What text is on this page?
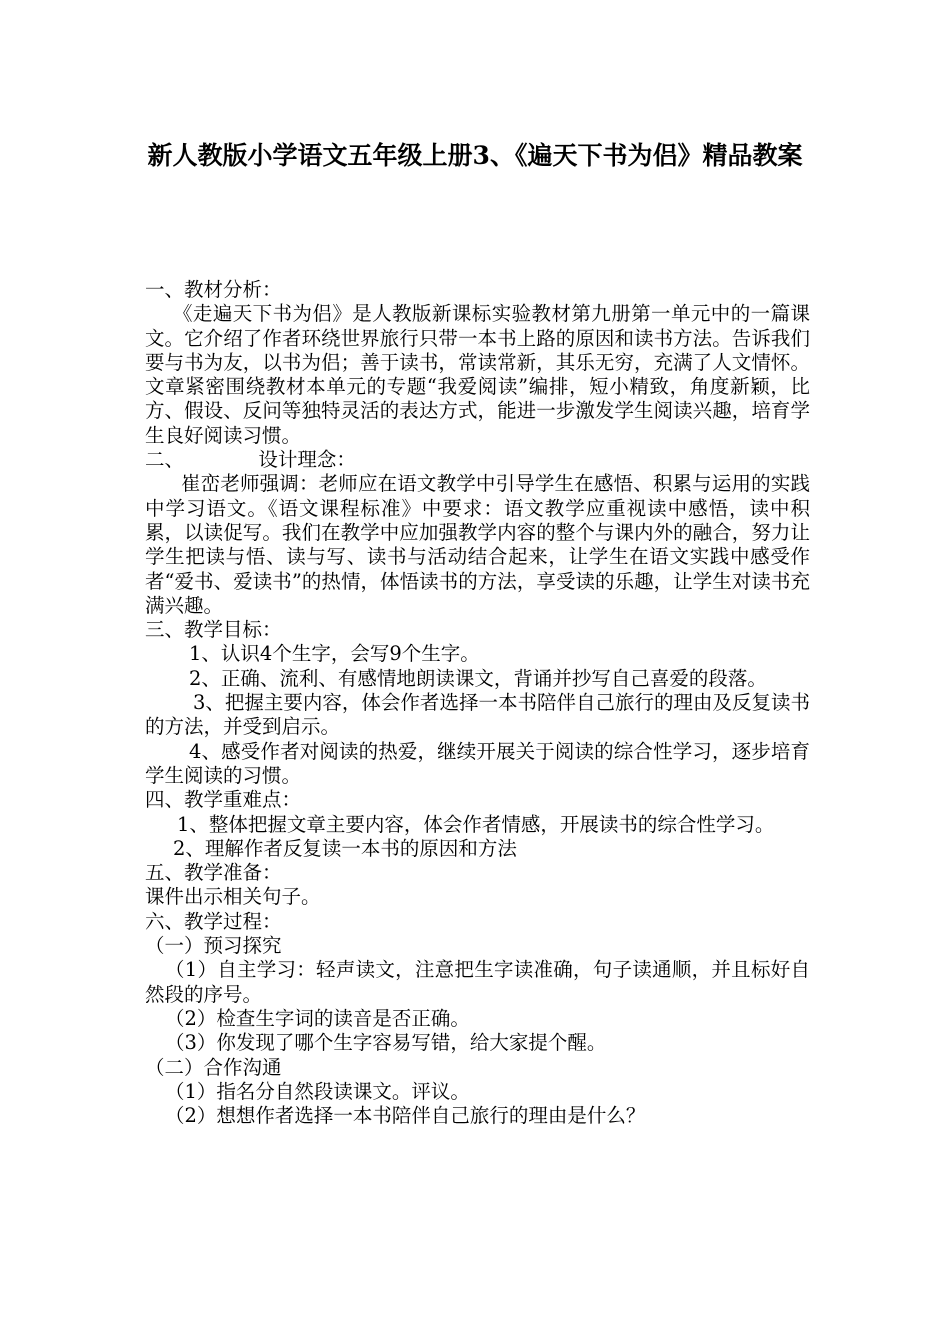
新人教版小学语文五年级上册3、《遍天下书为侣》精品教案

一、教材分析：

《走遍天下书为侣》是人教版新课标实验教材第九册第一单元中的一篇课文。它介绍了作者环绕世界旅行只带一本书上路的原因和读书方法。告诉我们要与书为友，以书为侣；善于读书，常读常新，其乐无穷，充满了人文情怀。文章紧密围绕教材本单元的专题“我爱阅读”编排，短小精致，角度新颖，比方、假设、反问等独特灵活的表达方式，能进一步激发学生阅读兴趣，培育学生良好阅读习惯。

二、            设计理念：

崔峦老师强调：老师应在语文教学中引导学生在感悟、积累与运用的实践中学习语文。《语文课程标准》中要求：语文教学应重视读中感悟，读中积累，以读促写。我们在教学中应加强教学内容的整个与课内外的融合，努力让学生把读与悟、读与写、读书与活动结合起来，让学生在语文实践中感受作者“爱书、爱读书”的热情，体悟读书的方法，享受读的乐趣，让学生对读书充满兴趣。

三、教学目标：

1、认识4个生字，会写9个生字。

2、正确、流利、有感情地朗读课文，背诵并抄写自己喜爱的段落。

3、把握主要内容，体会作者选择一本书陪伴自己旅行的理由及反复读书的方法，并受到启示。

4、感受作者对阅读的热爱，继续开展关于阅读的综合性学习，逐步培育学生阅读的习惯。

四、教学重难点：

1、整体把握文章主要内容，体会作者情感，开展读书的综合性学习。

2、理解作者反复读一本书的原因和方法

五、教学准备：

课件出示相关句子。

六、教学过程：

（一）预习探究

（1）自主学习：轻声读文，注意把生字读准确，句子读通顺，并且标好自然段的序号。

（2）检查生字词的读音是否正确。

（3）你发现了哪个生字容易写错，给大家提个醒。

（二）合作沟通

（1）指名分自然段读课文。评议。

（2）想想作者选择一本书陪伴自己旅行的理由是什么？
